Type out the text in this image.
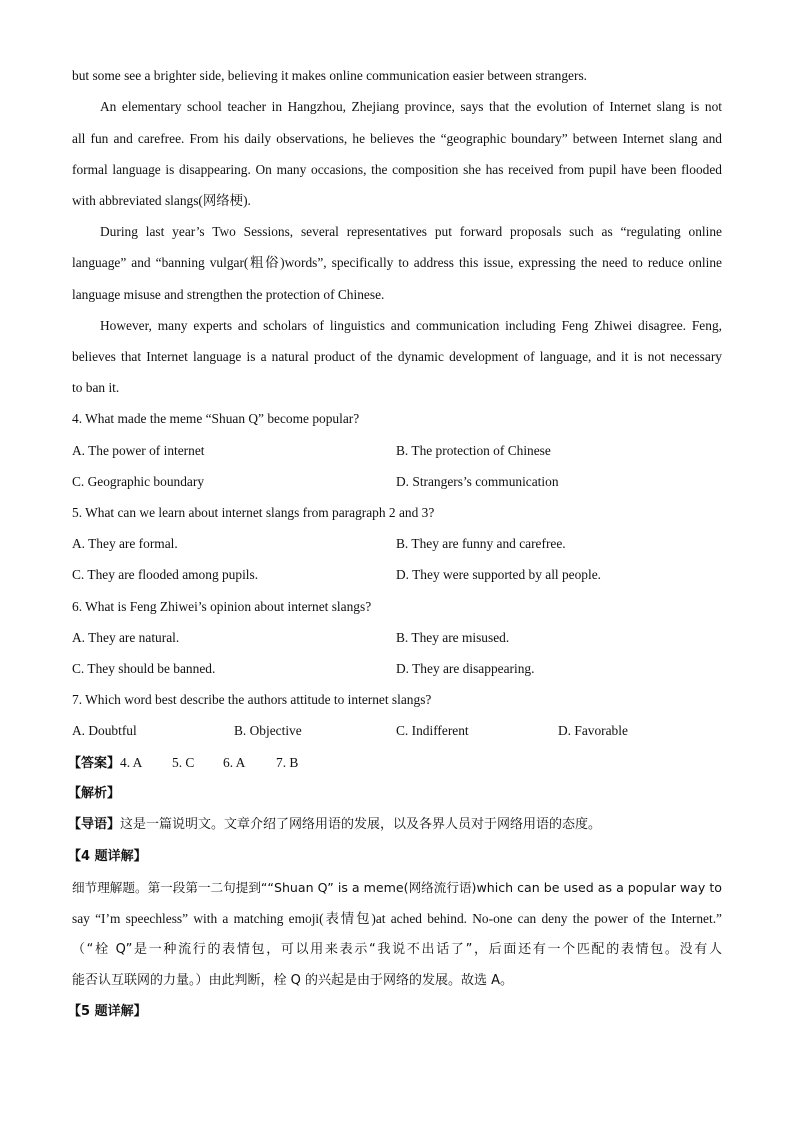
but some see a brighter side, believing it makes online communication easier between strangers.
An elementary school teacher in Hangzhou, Zhejiang province, says that the evolution of Internet slang is not
all fun and carefree. From his daily observations, he believes the “geographic boundary” between Internet slang and
formal language is disappearing. On many occasions, the composition she has received from pupil have been flooded
with abbreviated slangs(网络梗).
During last year’s Two Sessions, several representatives put forward proposals such as “regulating online
language” and “banning vulgar(粗俗)words”, specifically to address this issue, expressing the need to reduce online
language misuse and strengthen the protection of Chinese.
However, many experts and scholars of linguistics and communication including Feng Zhiwei disagree. Feng,
believes that Internet language is a natural product of the dynamic development of language, and it is not necessary
to ban it.
4. What made the meme “Shuan Q” become popular?
A. The power of internet	B. The protection of Chinese
C. Geographic boundary	D. Strangers’s communication
5. What can we learn about internet slangs from paragraph 2 and 3?
A. They are formal.	B. They are funny and carefree.
C. They are flooded among pupils.	D. They were supported by all people.
6. What is Feng Zhiwei’s opinion about internet slangs?
A. They are natural.	B. They are misused.
C. They should be banned.	D. They are disappearing.
7. Which word best describe the authors attitude to internet slangs?
A. Doubtful	B. Objective	C. Indifferent	D. Favorable
【答案】4. A 5. C 6. A 7. B
【解析】
【导语】这是一篇说明文。文章介绍了网络用语的发展，以及各界人员对于网络用语的态度。
【4 题详解】
细节理解题。第一段第一二句提到““Shuan Q” is a meme(网络流行语)which can be used as a popular way to
say “I’m speechless” with a matching emoji(表情包)at ached behind. No-one can deny the power of the Internet.”
（“栓 Q”是一种流行的表情包，可以用来表示“我说不出话了”，后面还有一个匹配的表情包。没有人
能否认互联网的力量。）由此判断，栓 Q 的兴起是由于网络的发展。故选 A。
【5 题详解】
